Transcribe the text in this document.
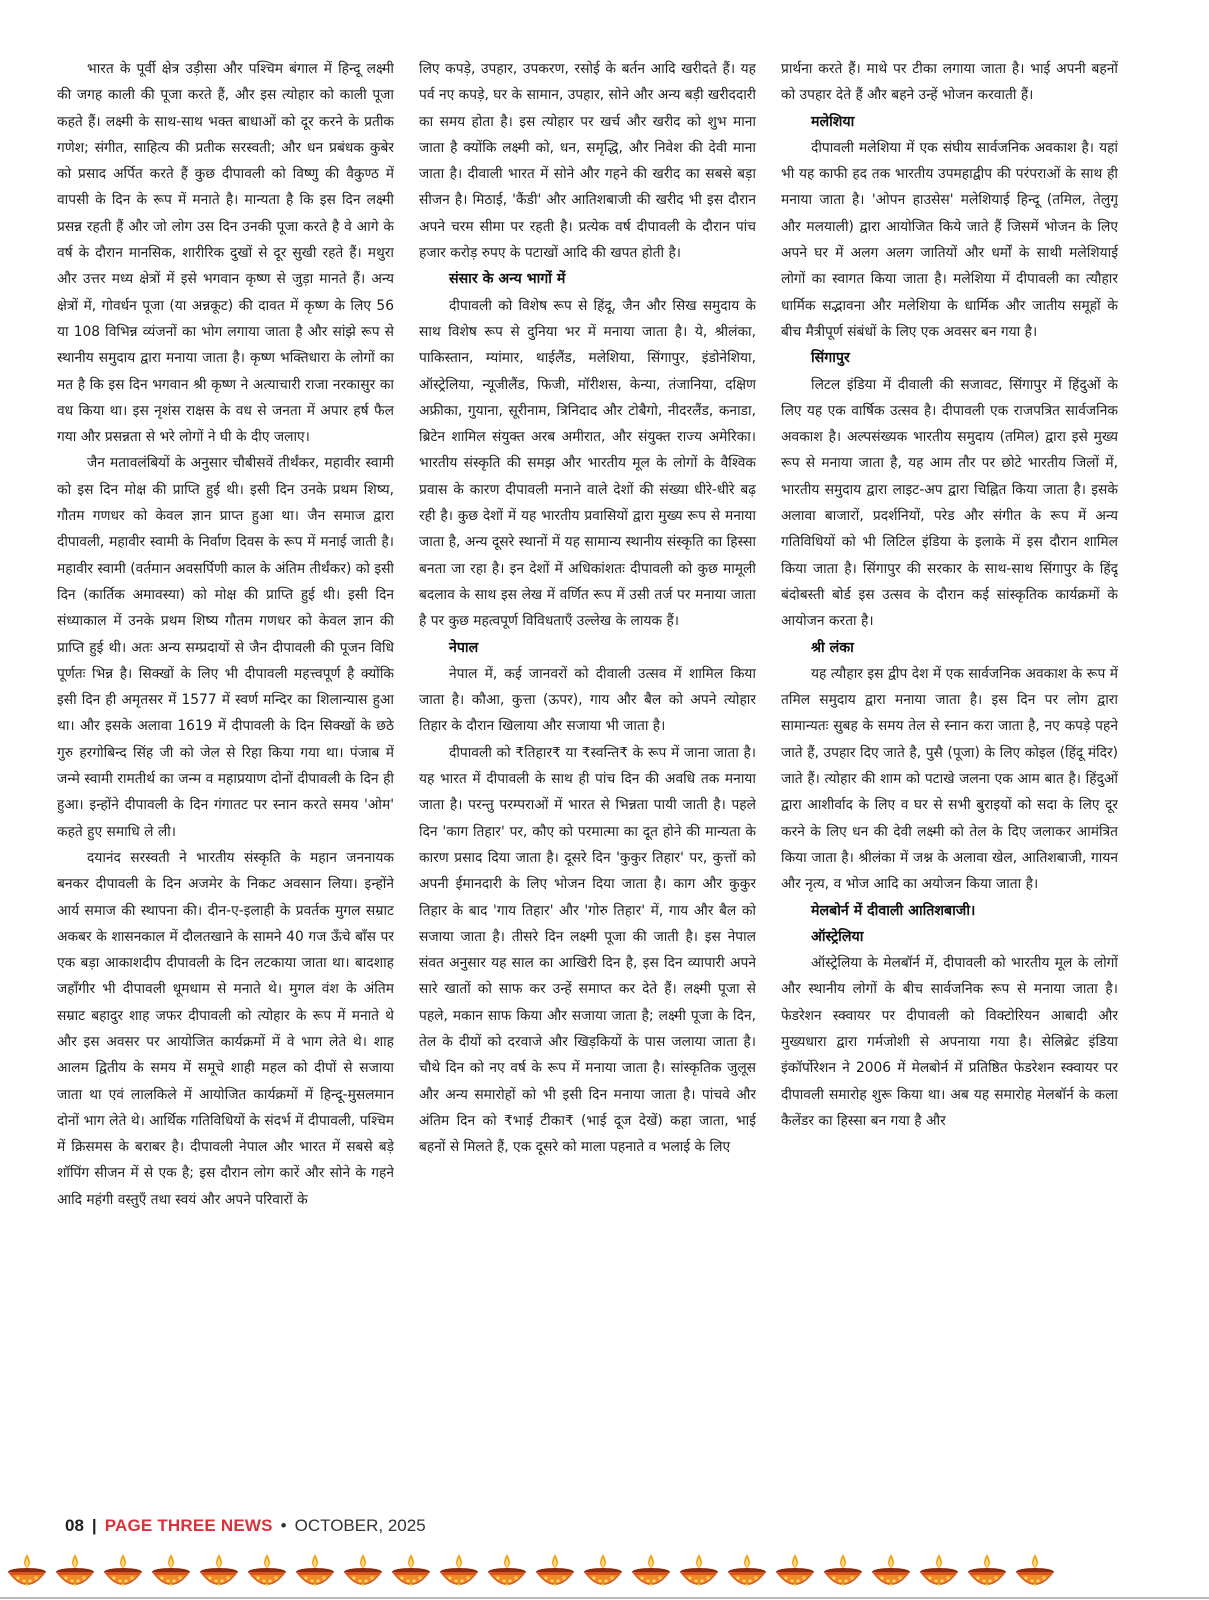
भारत के पूर्वी क्षेत्र उड़ीसा और पश्चिम बंगाल में हिन्दू लक्ष्मी की जगह काली की पूजा करते हैं, और इस त्योहार को काली पूजा कहते हैं। लक्ष्मी के साथ-साथ भक्त बाधाओं को दूर करने के प्रतीक गणेश; संगीत, साहित्य की प्रतीक सरस्वती; और धन प्रबंधक कुबेर को प्रसाद अर्पित करते हैं कुछ दीपावली को विष्णु की वैकुण्ठ में वापसी के दिन के रूप में मनाते है। मान्यता है कि इस दिन लक्ष्मी प्रसन्न रहती हैं और जो लोग उस दिन उनकी पूजा करते है वे आगे के वर्ष के दौरान मानसिक, शारीरिक दुखों से दूर सुखी रहते हैं। मथुरा और उत्तर मध्य क्षेत्रों में इसे भगवान कृष्ण से जुड़ा मानते हैं। अन्य क्षेत्रों में, गोवर्धन पूजा (या अन्नकूट) की दावत में कृष्ण के लिए 56 या 108 विभिन्न व्यंजनों का भोग लगाया जाता है और सांझे रूप से स्थानीय समुदाय द्वारा मनाया जाता है। कृष्ण भक्तिधारा के लोगों का मत है कि इस दिन भगवान श्री कृष्ण ने अत्याचारी राजा नरकासुर का वध किया था। इस नृशंस राक्षस के वध से जनता में अपार हर्ष फैल गया और प्रसन्नता से भरे लोगों ने घी के दीए जलाए।

जैन मतावलंबियों के अनुसार चौबीसवें तीर्थंकर, महावीर स्वामी को इस दिन मोक्ष की प्राप्ति हुई थी। इसी दिन उनके प्रथम शिष्य, गौतम गणधर को केवल ज्ञान प्राप्त हुआ था। जैन समाज द्वारा दीपावली, महावीर स्वामी के निर्वाण दिवस के रूप में मनाई जाती है। महावीर स्वामी (वर्तमान अवसर्पिणी काल के अंतिम तीर्थंकर) को इसी दिन (कार्तिक अमावस्या) को मोक्ष की प्राप्ति हुई थी। इसी दिन संध्याकाल में उनके प्रथम शिष्य गौतम गणधर को केवल ज्ञान की प्राप्ति हुई थी। अतः अन्य सम्प्रदायों से जैन दीपावली की पूजन विधि पूर्णतः भिन्न है। सिक्खों के लिए भी दीपावली महत्त्वपूर्ण है क्योंकि इसी दिन ही अमृतसर में 1577 में स्वर्ण मन्दिर का शिलान्यास हुआ था। और इसके अलावा 1619 में दीपावली के दिन सिक्खों के छठे गुरु हरगोबिन्द सिंह जी को जेल से रिहा किया गया था। पंजाब में जन्मे स्वामी रामतीर्थ का जन्म व महाप्रयाण दोनों दीपावली के दिन ही हुआ। इन्होंने दीपावली के दिन गंगातट पर स्नान करते समय 'ओम' कहते हुए समाधि ले ली।

दयानंद सरस्वती ने भारतीय संस्कृति के महान जननायक बनकर दीपावली के दिन अजमेर के निकट अवसान लिया। इन्होंने आर्य समाज की स्थापना की। दीन-ए-इलाही के प्रवर्तक मुगल सम्राट अकबर के शासनकाल में दौलतखाने के सामने 40 गज ऊँचे बाँस पर एक बड़ा आकाशदीप दीपावली के दिन लटकाया जाता था। बादशाह जहाँगीर भी दीपावली धूमधाम से मनाते थे। मुगल वंश के अंतिम सम्राट बहादुर शाह जफर दीपावली को त्योहार के रूप में मनाते थे और इस अवसर पर आयोजित कार्यक्रमों में वे भाग लेते थे। शाह आलम द्वितीय के समय में समूचे शाही महल को दीपों से सजाया जाता था एवं लालकिले में आयोजित कार्यक्रमों में हिन्दू-मुसलमान दोनों भाग लेते थे। आर्थिक गतिविधियों के संदर्भ में दीपावली, पश्चिम में क्रिसमस के बराबर है। दीपावली नेपाल और भारत में सबसे बड़े शॉपिंग सीजन में से एक है; इस दौरान लोग कारें और सोने के गहने आदि महंगी वस्तुएँ तथा स्वयं और अपने परिवारों के

लिए कपड़े, उपहार, उपकरण, रसोई के बर्तन आदि खरीदते हैं। यह पर्व नए कपड़े, घर के सामान, उपहार, सोने और अन्य बड़ी खरीददारी का समय होता है। इस त्योहार पर खर्च और खरीद को शुभ माना जाता है क्योंकि लक्ष्मी को, धन, समृद्धि, और निवेश की देवी माना जाता है। दीवाली भारत में सोने और गहने की खरीद का सबसे बड़ा सीजन है। मिठाई, 'कैंडी' और आतिशबाजी की खरीद भी इस दौरान अपने चरम सीमा पर रहती है। प्रत्येक वर्ष दीपावली के दौरान पांच हजार करोड़ रुपए के पटाखों आदि की खपत होती है।

संसार के अन्य भागों में

दीपावली को विशेष रूप से हिंदू, जैन और सिख समुदाय के साथ विशेष रूप से दुनिया भर में मनाया जाता है। ये, श्रीलंका, पाकिस्तान, म्यांमार, थाईलैंड, मलेशिया, सिंगापुर, इंडोनेशिया, ऑस्ट्रेलिया, न्यूजीलैंड, फिजी, मॉरीशस, केन्या, तंजानिया, दक्षिण अफ्रीका, गुयाना, सूरीनाम, त्रिनिदाद और टोबैगो, नीदरलैंड, कनाडा, ब्रिटेन शामिल संयुक्त अरब अमीरात, और संयुक्त राज्य अमेरिका। भारतीय संस्कृति की समझ और भारतीय मूल के लोगों के वैश्विक प्रवास के कारण दीपावली मनाने वाले देशों की संख्या धीरे-धीरे बढ़ रही है। कुछ देशों में यह भारतीय प्रवासियों द्वारा मुख्य रूप से मनाया जाता है, अन्य दूसरे स्थानों में यह सामान्य स्थानीय संस्कृति का हिस्सा बनता जा रहा है। इन देशों में अधिकांशतः दीपावली को कुछ मामूली बदलाव के साथ इस लेख में वर्णित रूप में उसी तर्ज पर मनाया जाता है पर कुछ महत्वपूर्ण विविधताएँ उल्लेख के लायक हैं।

नेपाल

नेपाल में, कई जानवरों को दीवाली उत्सव में शामिल किया जाता है। कौआ, कुत्ता (ऊपर), गाय और बैल को अपने त्योहार तिहार के दौरान खिलाया और सजाया भी जाता है।

दीपावली को ₹तिहार₹ या ₹स्वन्ति₹ के रूप में जाना जाता है। यह भारत में दीपावली के साथ ही पांच दिन की अवधि तक मनाया जाता है। परन्तु परम्पराओं में भारत से भिन्नता पायी जाती है। पहले दिन 'काग तिहार' पर, कौए को परमात्मा का दूत होने की मान्यता के कारण प्रसाद दिया जाता है। दूसरे दिन 'कुकुर तिहार' पर, कुत्तों को अपनी ईमानदारी के लिए भोजन दिया जाता है। काग और कुकुर तिहार के बाद 'गाय तिहार' और 'गोरु तिहार' में, गाय और बैल को सजाया जाता है। तीसरे दिन लक्ष्मी पूजा की जाती है। इस नेपाल संवत अनुसार यह साल का आखिरी दिन है, इस दिन व्यापारी अपने सारे खातों को साफ कर उन्हें समाप्त कर देते हैं। लक्ष्मी पूजा से पहले, मकान साफ किया और सजाया जाता है; लक्ष्मी पूजा के दिन, तेल के दीयों को दरवाजे और खिड़कियों के पास जलाया जाता है। चौथे दिन को नए वर्ष के रूप में मनाया जाता है। सांस्कृतिक जुलूस और अन्य समारोहों को भी इसी दिन मनाया जाता है। पांचवे और अंतिम दिन को ₹भाई टीका₹ (भाई दूज देखें) कहा जाता, भाई बहनों से मिलते हैं, एक दूसरे को माला पहनाते व भलाई के लिए

प्रार्थना करते हैं। माथे पर टीका लगाया जाता है। भाई अपनी बहनों को उपहार देते हैं और बहने उन्हें भोजन करवाती हैं।

मलेशिया

दीपावली मलेशिया में एक संघीय सार्वजनिक अवकाश है। यहां भी यह काफी हद तक भारतीय उपमहाद्वीप की परंपराओं के साथ ही मनाया जाता है। 'ओपन हाउसेस' मलेशियाई हिन्दू (तमिल, तेलुगू और मलयाली) द्वारा आयोजित किये जाते हैं जिसमें भोजन के लिए अपने घर में अलग अलग जातियों और धर्मों के साथी मलेशियाई लोगों का स्वागत किया जाता है। मलेशिया में दीपावली का त्यौहार धार्मिक सद्भावना और मलेशिया के धार्मिक और जातीय समूहों के बीच मैत्रीपूर्ण संबंधों के लिए एक अवसर बन गया है।

सिंगापुर

लिटल इंडिया में दीवाली की सजावट, सिंगापुर में हिंदुओं के लिए यह एक वार्षिक उत्सव है। दीपावली एक राजपत्रित सार्वजनिक अवकाश है। अल्पसंख्यक भारतीय समुदाय (तमिल) द्वारा इसे मुख्य रूप से मनाया जाता है, यह आम तौर पर छोटे भारतीय जिलों में, भारतीय समुदाय द्वारा लाइट-अप द्वारा चिह्नित किया जाता है। इसके अलावा बाजारों, प्रदर्शनियों, परेड और संगीत के रूप में अन्य गतिविधियों को भी लिटिल इंडिया के इलाके में इस दौरान शामिल किया जाता है। सिंगापुर की सरकार के साथ-साथ सिंगापुर के हिंदू बंदोबस्ती बोर्ड इस उत्सव के दौरान कई सांस्कृतिक कार्यक्रमों के आयोजन करता है।

श्री लंका

यह त्यौहार इस द्वीप देश में एक सार्वजनिक अवकाश के रूप में तमिल समुदाय द्वारा मनाया जाता है। इस दिन पर लोग द्वारा सामान्यतः सुबह के समय तेल से स्नान करा जाता है, नए कपड़े पहने जाते हैं, उपहार दिए जाते है, पुसै (पूजा) के लिए कोइल (हिंदू मंदिर) जाते हैं। त्योहार की शाम को पटाखे जलना एक आम बात है। हिंदुओं द्वारा आशीर्वाद के लिए व घर से सभी बुराइयों को सदा के लिए दूर करने के लिए धन की देवी लक्ष्मी को तेल के दिए जलाकर आमंत्रित किया जाता है। श्रीलंका में जश्न के अलावा खेल, आतिशबाजी, गायन और नृत्य, व भोज आदि का अयोजन किया जाता है।

मेलबोर्न में दीवाली आतिशबाजी।
ऑस्ट्रेलिया

ऑस्ट्रेलिया के मेलबॉर्न में, दीपावली को भारतीय मूल के लोगों और स्थानीय लोगों के बीच सार्वजनिक रूप से मनाया जाता है। फेडरेशन स्क्वायर पर दीपावली को विक्टोरियन आबादी और मुख्यधारा द्वारा गर्मजोशी से अपनाया गया है। सेलिब्रेट इंडिया इंकॉर्पोरेशन ने 2006 में मेलबोर्न में प्रतिष्ठित फेडरेशन स्क्वायर पर दीपावली समारोह शुरू किया था। अब यह समारोह मेलबॉर्न के कला कैलेंडर का हिस्सा बन गया है और

08 | PAGE THREE NEWS • OCTOBER, 2025
